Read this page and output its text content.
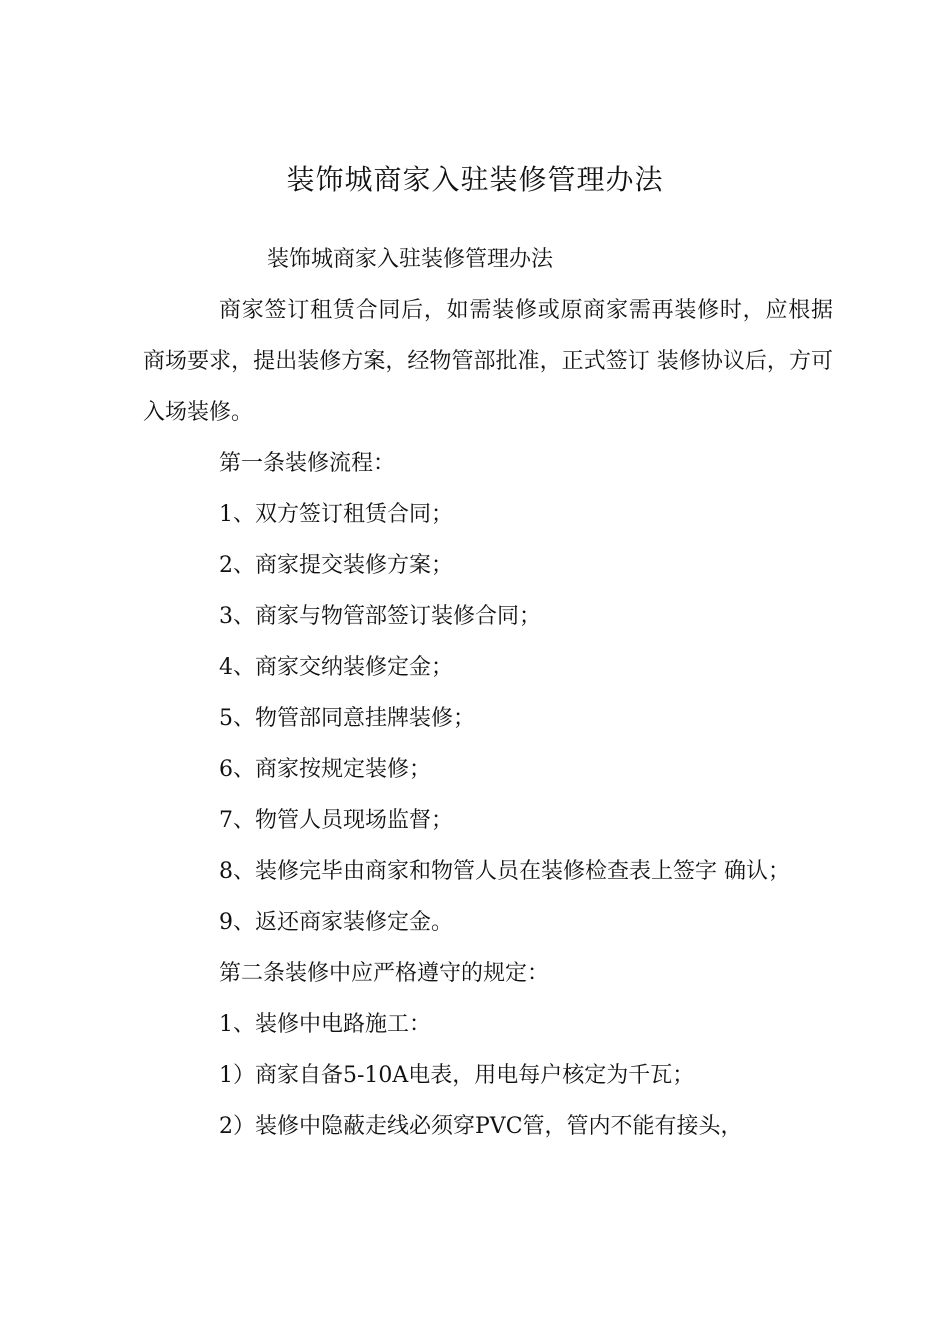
装饰城商家入驻装修管理办法

装饰城商家入驻装修管理办法

商家签订租赁合同后，如需装修或原商家需再装修时，应根据商场要求，提出装修方案，经物管部批准，正式签订 装修协议后，方可入场装修。

第一条装修流程：

1、双方签订租赁合同；

2、商家提交装修方案；

3、商家与物管部签订装修合同；

4、商家交纳装修定金；

5、物管部同意挂牌装修；

6、商家按规定装修；

7、物管人员现场监督；

8、装修完毕由商家和物管人员在装修检查表上签字 确认；

9、返还商家装修定金。

第二条装修中应严格遵守的规定：

1、装修中电路施工：

1）商家自备5-10A电表，用电每户核定为千瓦；

2）装修中隐蔽走线必须穿PVC管，管内不能有接头，
